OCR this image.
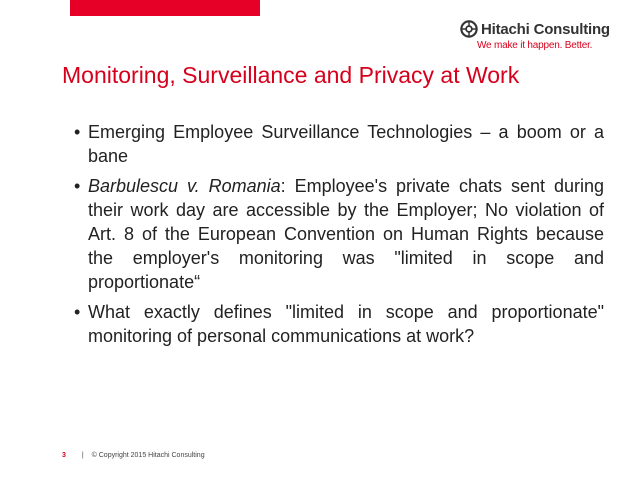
Hitachi Consulting
We make it happen. Better.
Monitoring, Surveillance and Privacy at Work
• Emerging Employee Surveillance Technologies – a boom or a bane
• Barbulescu v. Romania: Employee's private chats sent during their work day are accessible by the Employer; No violation of Art. 8 of the European Convention on Human Rights because the employer's monitoring was "limited in scope and proportionate“
• What exactly defines "limited in scope and proportionate" monitoring of personal communications at work?
3 | © Copyright 2015 Hitachi Consulting
